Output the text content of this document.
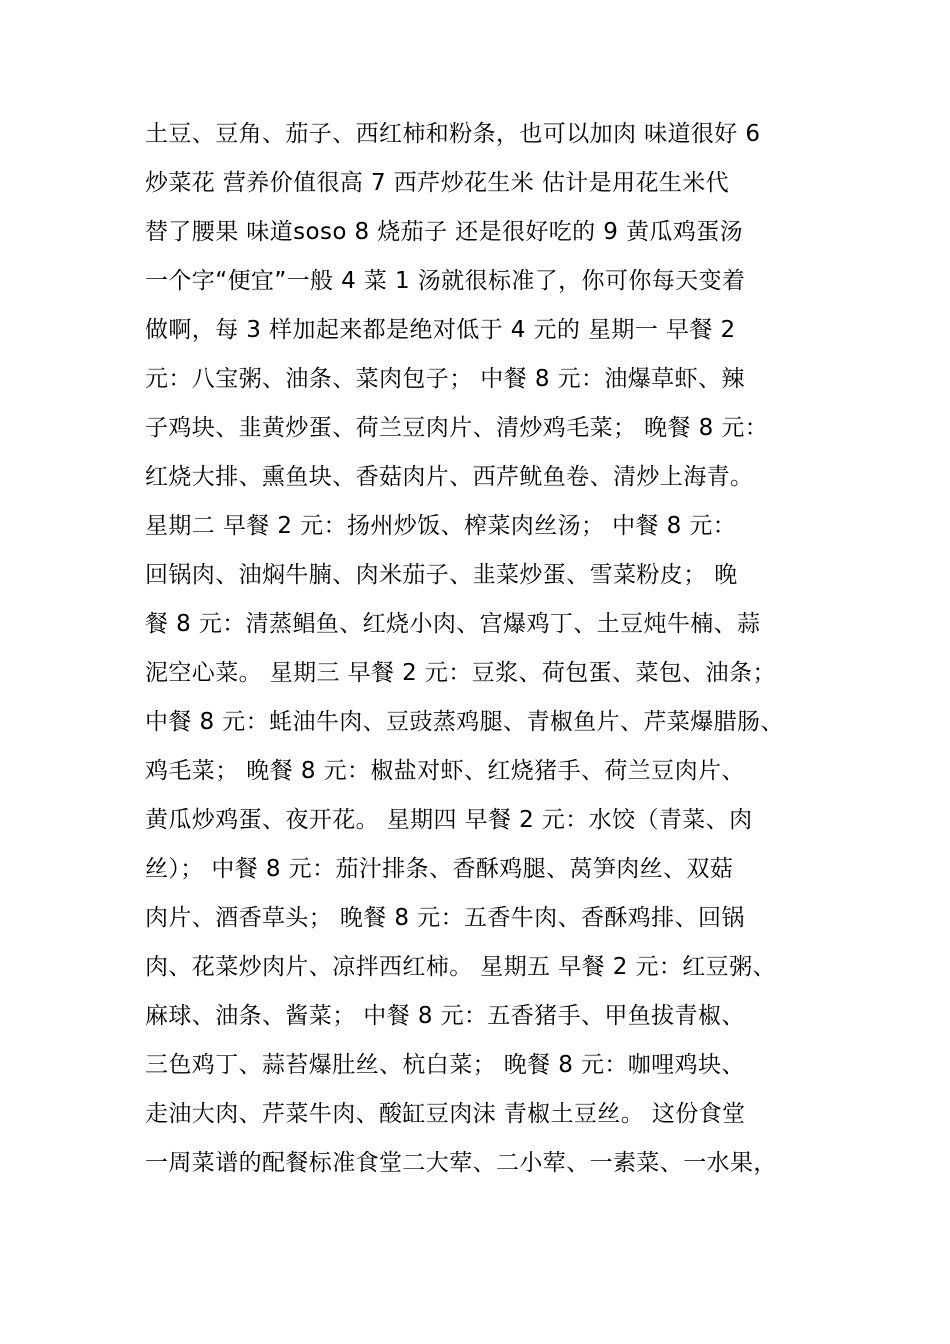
土豆、豆角、茄子、西红柿和粉条，也可以加肉 味道很好 6
炒菜花 营养价值很高 7 西芹炒花生米 估计是用花生米代
替了腰果 味道soso 8 烧茄子 还是很好吃的 9 黄瓜鸡蛋汤
一个字“便宜”一般 4 菜 1 汤就很标准了，你可你每天变着
做啊，每 3 样加起来都是绝对低于 4 元的 星期一 早餐 2
元：八宝粥、油条、菜肉包子； 中餐 8 元：油爆草虾、辣
子鸡块、韭黄炒蛋、荷兰豆肉片、清炒鸡毛菜； 晚餐 8 元：
红烧大排、熏鱼块、香菇肉片、西芹鱿鱼卷、清炒上海青。
星期二 早餐 2 元：扬州炒饭、榨菜肉丝汤； 中餐 8 元：
回锅肉、油焖牛腩、肉米茄子、韭菜炒蛋、雪菜粉皮； 晚
餐 8 元：清蒸鲳鱼、红烧小肉、宫爆鸡丁、土豆炖牛楠、蒜
泥空心菜。 星期三 早餐 2 元：豆浆、荷包蛋、菜包、油条；
中餐 8 元：蚝油牛肉、豆豉蒸鸡腿、青椒鱼片、芹菜爆腊肠、
鸡毛菜； 晚餐 8 元：椒盐对虾、红烧猪手、荷兰豆肉片、
黄瓜炒鸡蛋、夜开花。 星期四 早餐 2 元：水饺（青菜、肉
丝）； 中餐 8 元：茄汁排条、香酥鸡腿、莴笋肉丝、双菇
肉片、酒香草头； 晚餐 8 元：五香牛肉、香酥鸡排、回锅
肉、花菜炒肉片、凉拌西红柿。 星期五 早餐 2 元：红豆粥、
麻球、油条、酱菜； 中餐 8 元：五香猪手、甲鱼拔青椒、
三色鸡丁、蒜苔爆肚丝、杭白菜； 晚餐 8 元：咖哩鸡块、
走油大肉、芹菜牛肉、酸缸豆肉沫 青椒土豆丝。 这份食堂
一周菜谱的配餐标准食堂二大荤、二小荤、一素菜、一水果，
